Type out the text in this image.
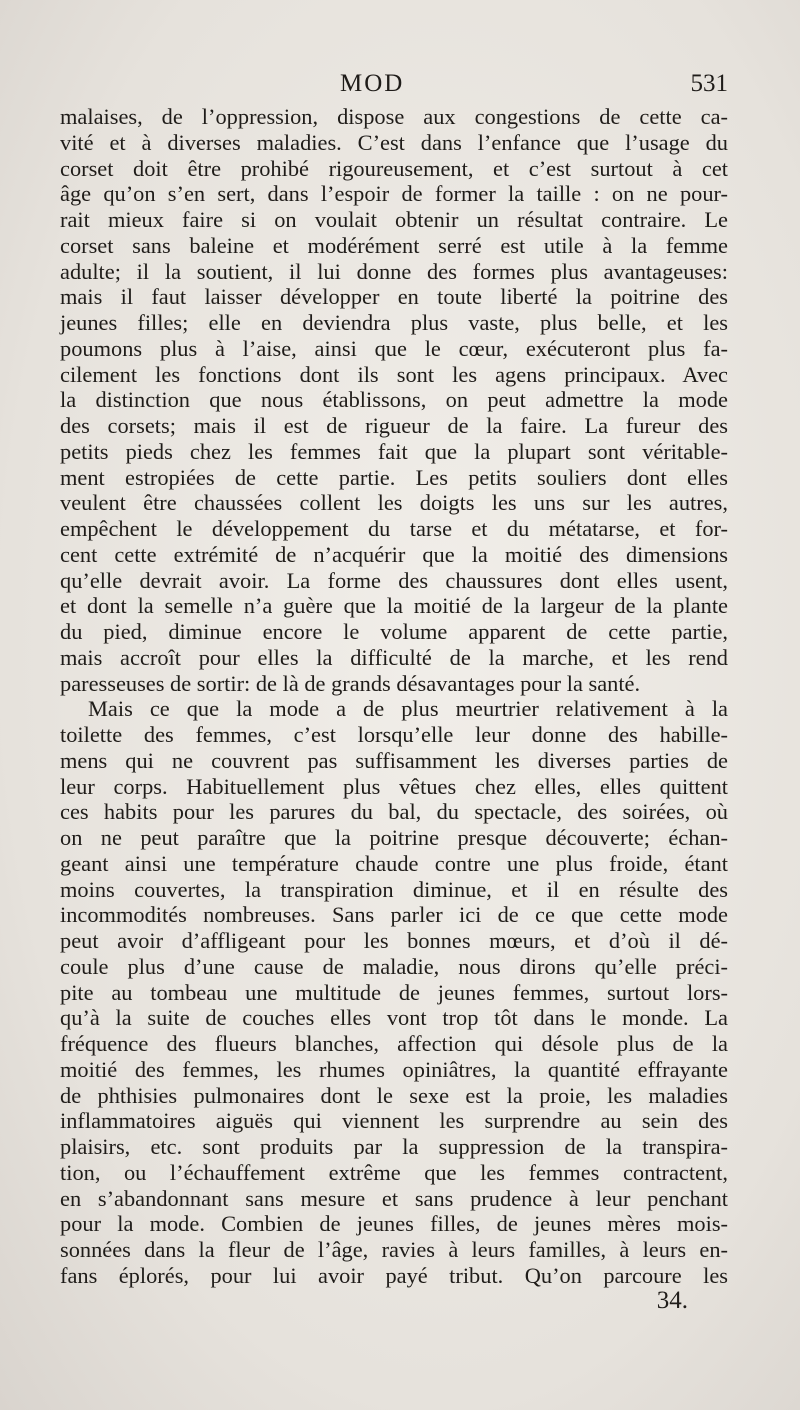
MOD	531
malaises, de l’oppression, dispose aux congestions de cette ca-
vité et à diverses maladies. C’est dans l’enfance que l’usage du
corset doit être prohibé rigoureusement, et c’est surtout à cet
âge qu’on s’en sert, dans l’espoir de former la taille : on ne pour-
rait mieux faire si on voulait obtenir un résultat contraire. Le
corset sans baleine et modérément serré est utile à la femme
adulte; il la soutient, il lui donne des formes plus avantageuses:
mais il faut laisser développer en toute liberté la poitrine des
jeunes filles; elle en deviendra plus vaste, plus belle, et les
poumons plus à l’aise, ainsi que le cœur, exécuteront plus fa-
cilement les fonctions dont ils sont les agens principaux. Avec
la distinction que nous établissons, on peut admettre la mode
des corsets; mais il est de rigueur de la faire. La fureur des
petits pieds chez les femmes fait que la plupart sont véritable-
ment estropiées de cette partie. Les petits souliers dont elles
veulent être chaussées collent les doigts les uns sur les autres,
empêchent le développement du tarse et du métatarse, et for-
cent cette extrémité de n’acquérir que la moitié des dimensions
qu’elle devrait avoir. La forme des chaussures dont elles usent,
et dont la semelle n’a guère que la moitié de la largeur de la plante
du pied, diminue encore le volume apparent de cette partie,
mais accroît pour elles la difficulté de la marche, et les rend
paresseuses de sortir: de là de grands désavantages pour la santé.
Mais ce que la mode a de plus meurtrier relativement à la
toilette des femmes, c’est lorsqu’elle leur donne des habille-
mens qui ne couvrent pas suffisamment les diverses parties de
leur corps. Habituellement plus vêtues chez elles, elles quittent
ces habits pour les parures du bal, du spectacle, des soirées, où
on ne peut paraître que la poitrine presque découverte; échan-
geant ainsi une température chaude contre une plus froide, étant
moins couvertes, la transpiration diminue, et il en résulte des
incommodités nombreuses. Sans parler ici de ce que cette mode
peut avoir d’affligeant pour les bonnes mœurs, et d’où il dé-
coule plus d’une cause de maladie, nous dirons qu’elle préci-
pite au tombeau une multitude de jeunes femmes, surtout lors-
qu’à la suite de couches elles vont trop tôt dans le monde. La
fréquence des flueurs blanches, affection qui désole plus de la
moitié des femmes, les rhumes opiniâtres, la quantité effrayante
de phthisies pulmonaires dont le sexe est la proie, les maladies
inflammatoires aiguës qui viennent les surprendre au sein des
plaisirs, etc. sont produits par la suppression de la transpira-
tion, ou l’échauffement extrême que les femmes contractent,
en s’abandonnant sans mesure et sans prudence à leur penchant
pour la mode. Combien de jeunes filles, de jeunes mères mois-
sonnées dans la fleur de l’âge, ravies à leurs familles, à leurs en-
fans éplorés, pour lui avoir payé tribut. Qu’on parcoure les
34.
